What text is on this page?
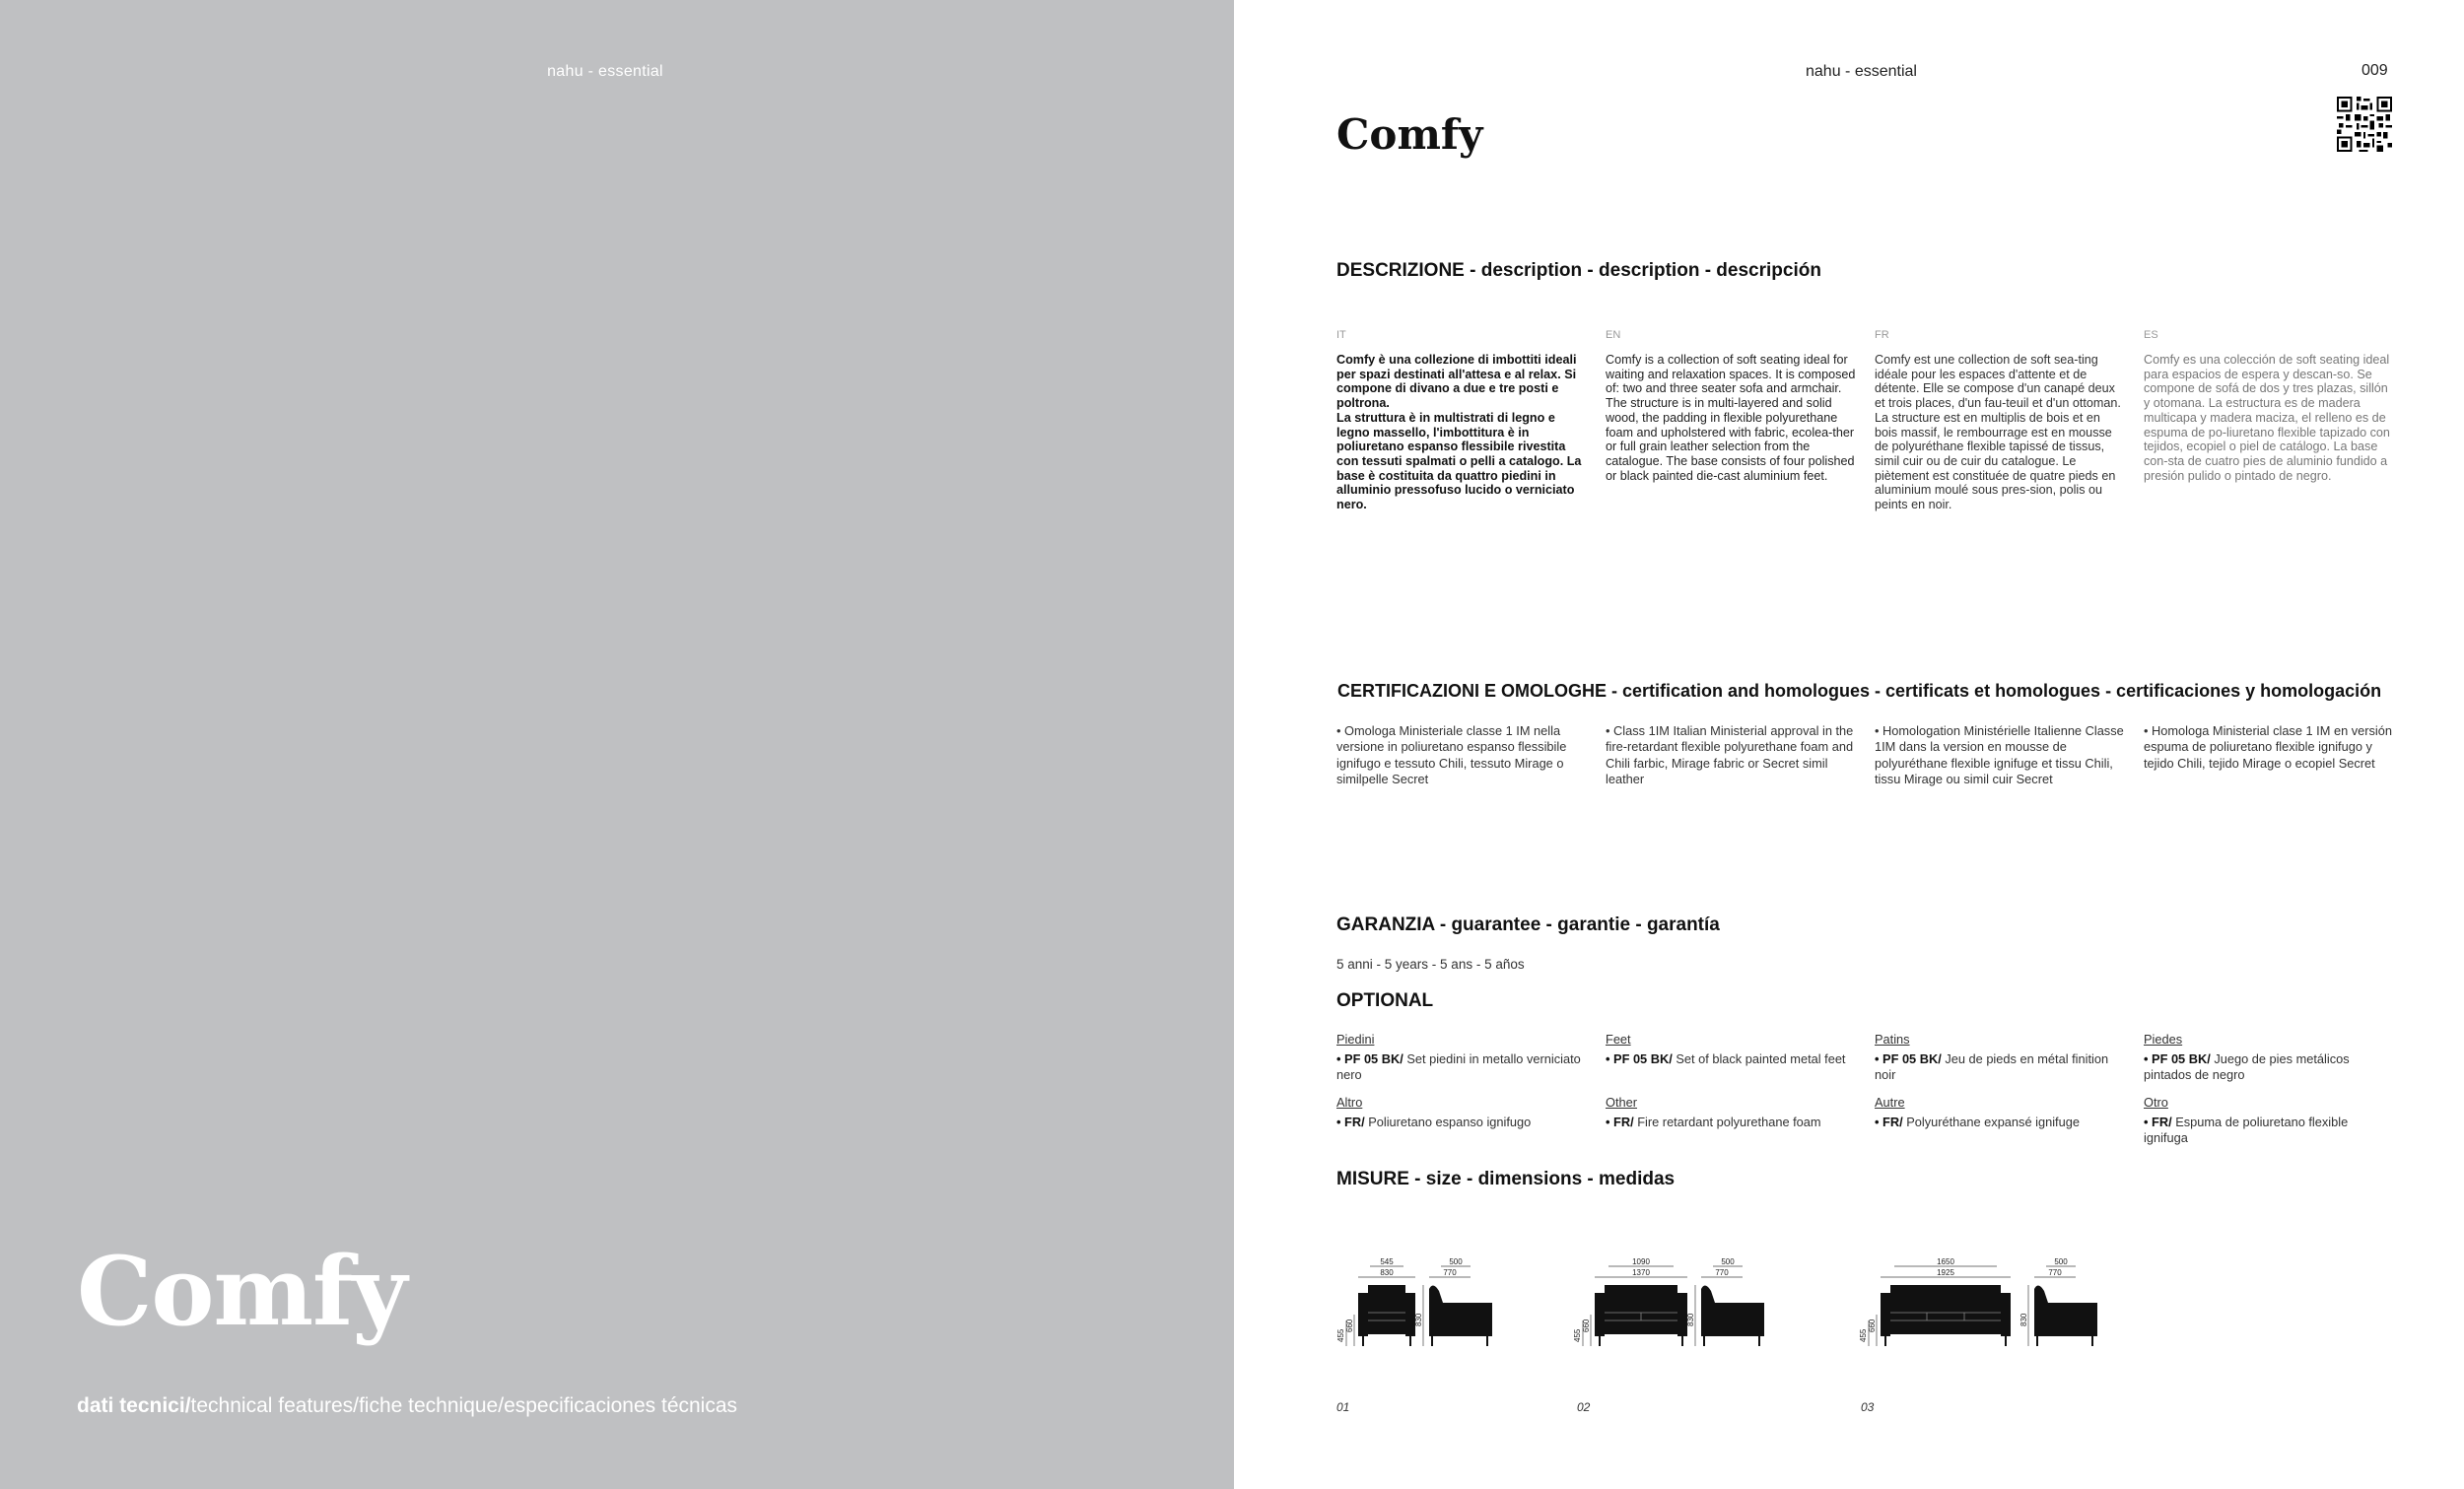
nahu - essential
Comfy
dati tecnici/technical features/fiche technique/especificaciones técnicas
nahu - essential	009
Comfy
DESCRIZIONE - description - description - descripción
IT
Comfy è una collezione di imbottiti ideali per spazi destinati all'attesa e al relax. Si compone di divano a due e tre posti e poltrona.
La struttura è in multistrati di legno e legno massello, l'imbottitura è in poliuretano espanso flessibile rivestita con tessuti spalmati o pelli a catalogo. La base è costituita da quattro piedini in alluminio pressofuso lucido o verniciato nero.
EN
Comfy is a collection of soft seating ideal for waiting and relaxation spaces. It is composed of: two and three seater sofa and armchair. The structure is in multi-layered and solid wood, the padding in flexible polyurethane foam and upholstered with fabric, ecolea-ther or full grain leather selection from the catalogue. The base consists of four polished or black painted die-cast aluminium feet.
FR
Comfy est une collection de soft sea-ting idéale pour les espaces d'attente et de détente. Elle se compose d'un canapé deux et trois places, d'un fau-teuil et d'un ottoman. La structure est en multiplis de bois et en bois massif, le rembourrage est en mousse de polyuréthane flexible tapissé de tissus, simil cuir ou de cuir du catalogue. Le piètement est constituée de quatre pieds en aluminium moulé sous pres-sion, polis ou peints en noir.
ES
Comfy es una colección de soft seating ideal para espacios de espera y descan-so. Se compone de sofá de dos y tres plazas, sillón y otomana. La estructura es de madera multicapa y madera maciza, el relleno es de espuma de po-liuretano flexible tapizado con tejidos, ecopiel o piel de catálogo. La base con-sta de cuatro pies de aluminio fundido a presión pulido o pintado de negro.
CERTIFICAZIONI E OMOLOGHE - certification and homologues - certificats et homologues - certificaciones y homologación
• Omologa Ministeriale classe 1 IM nella versione in poliuretano espanso flessibile ignifugo e tessuto Chili, tessuto Mirage o similpelle Secret
• Class 1IM Italian Ministerial approval in the fire-retardant flexible polyurethane foam and Chili farbic, Mirage fabric or Secret simil leather
• Homologation Ministérielle Italienne Classe 1IM dans la version en mousse de polyuréthane flexible ignifuge et tissu Chili, tissu Mirage ou simil cuir Secret
• Homologa Ministerial clase 1 IM en versión espuma de poliuretano flexible ignifugo y tejido Chili, tejido Mirage o ecopiel Secret
GARANZIA - guarantee - garantie - garantía
5 anni - 5 years - 5 ans - 5 años
OPTIONAL
Piedini
• PF 05 BK/ Set piedini in metallo verniciato nero
Altro
• FR/ Poliuretano espanso ignifugo
Feet
• PF 05 BK/ Set of black painted metal feet
Other
• FR/ Fire retardant polyurethane foam
Patins
• PF 05 BK/ Jeu de pieds en métal finition noir
Autre
• FR/ Polyuréthane expansé ignifuge
Piedes
• PF 05 BK/ Juego de pies metálicos pintados de negro
Otro
• FR/ Espuma de poliuretano flexible ignifuga
MISURE - size - dimensions - medidas
545
830
455
660
500
770
830
1090
1370
455
660
500
770
830
1650
1925
455
660
500
770
830
01	02	03
